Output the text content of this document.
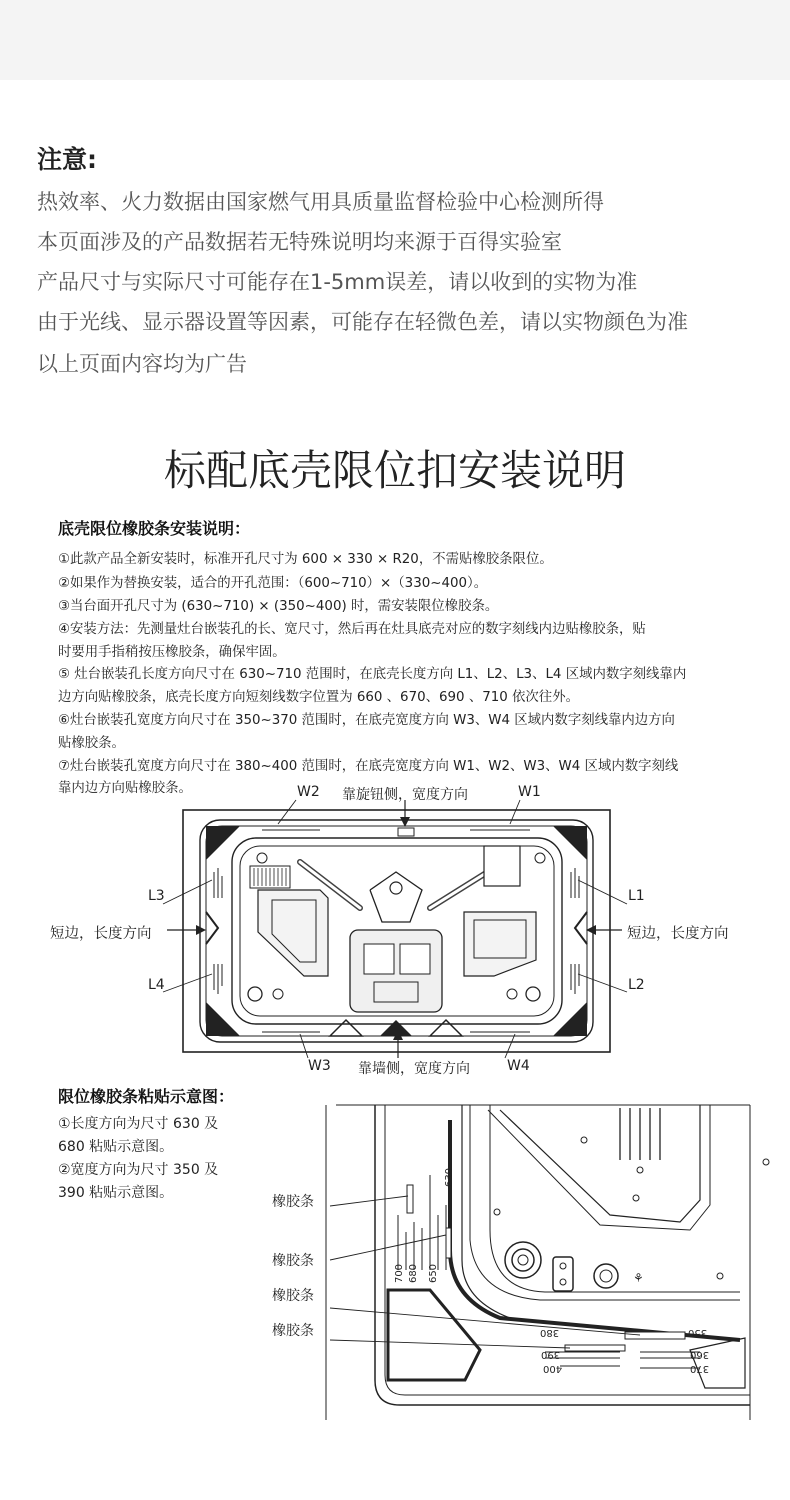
注意:
热效率、火力数据由国家燃气用具质量监督检验中心检测所得
本页面涉及的产品数据若无特殊说明均来源于百得实验室
产品尺寸与实际尺寸可能存在1-5mm误差，请以收到的实物为准
由于光线、显示器设置等因素，可能存在轻微色差，请以实物颜色为准
以上页面内容均为广告
标配底壳限位扣安装说明
底壳限位橡胶条安装说明：
①此款产品全新安装时，标准开孔尺寸为 600 × 330 × R20，不需贴橡胶条限位。
②如果作为替换安装，适合的开孔范围：（600~710）×（330~400）。
③当台面开孔尺寸为 (630~710) × (350~400) 时，需安装限位橡胶条。
④安装方法：先测量灶台嵌装孔的长、宽尺寸，然后再在灶具底壳对应的数字刻线内边贴橡胶条，贴
时要用手指稍按压橡胶条，确保牢固。
⑤ 灶台嵌装孔长度方向尺寸在 630~710 范围时，在底壳长度方向 L1、L2、L3、L4 区域内数字刻线靠内
边方向贴橡胶条，底壳长度方向短刻线数字位置为 660 、670、690 、710 依次往外。
⑥灶台嵌装孔宽度方向尺寸在 350~370 范围时，在底壳宽度方向 W3、W4 区域内数字刻线靠内边方向
贴橡胶条。
⑦灶台嵌装孔宽度方向尺寸在 380~400 范围时，在底壳宽度方向 W1、W2、W3、W4 区域内数字刻线
靠内边方向贴橡胶条。	W2 靠旋钮侧，宽度方向	W1
L3	L1
短边，长度方向	短边，长度方向
L4	L2
W3 靠墙侧，宽度方向	W4
限位橡胶条粘贴示意图：
①长度方向为尺寸 630 及
680 粘贴示意图。
②宽度方向为尺寸 350 及
390 粘贴示意图。
⚘
橡胶条
橡胶条
橡胶条
橡胶条
630
700 680 650
380	350
390	360
400	370
